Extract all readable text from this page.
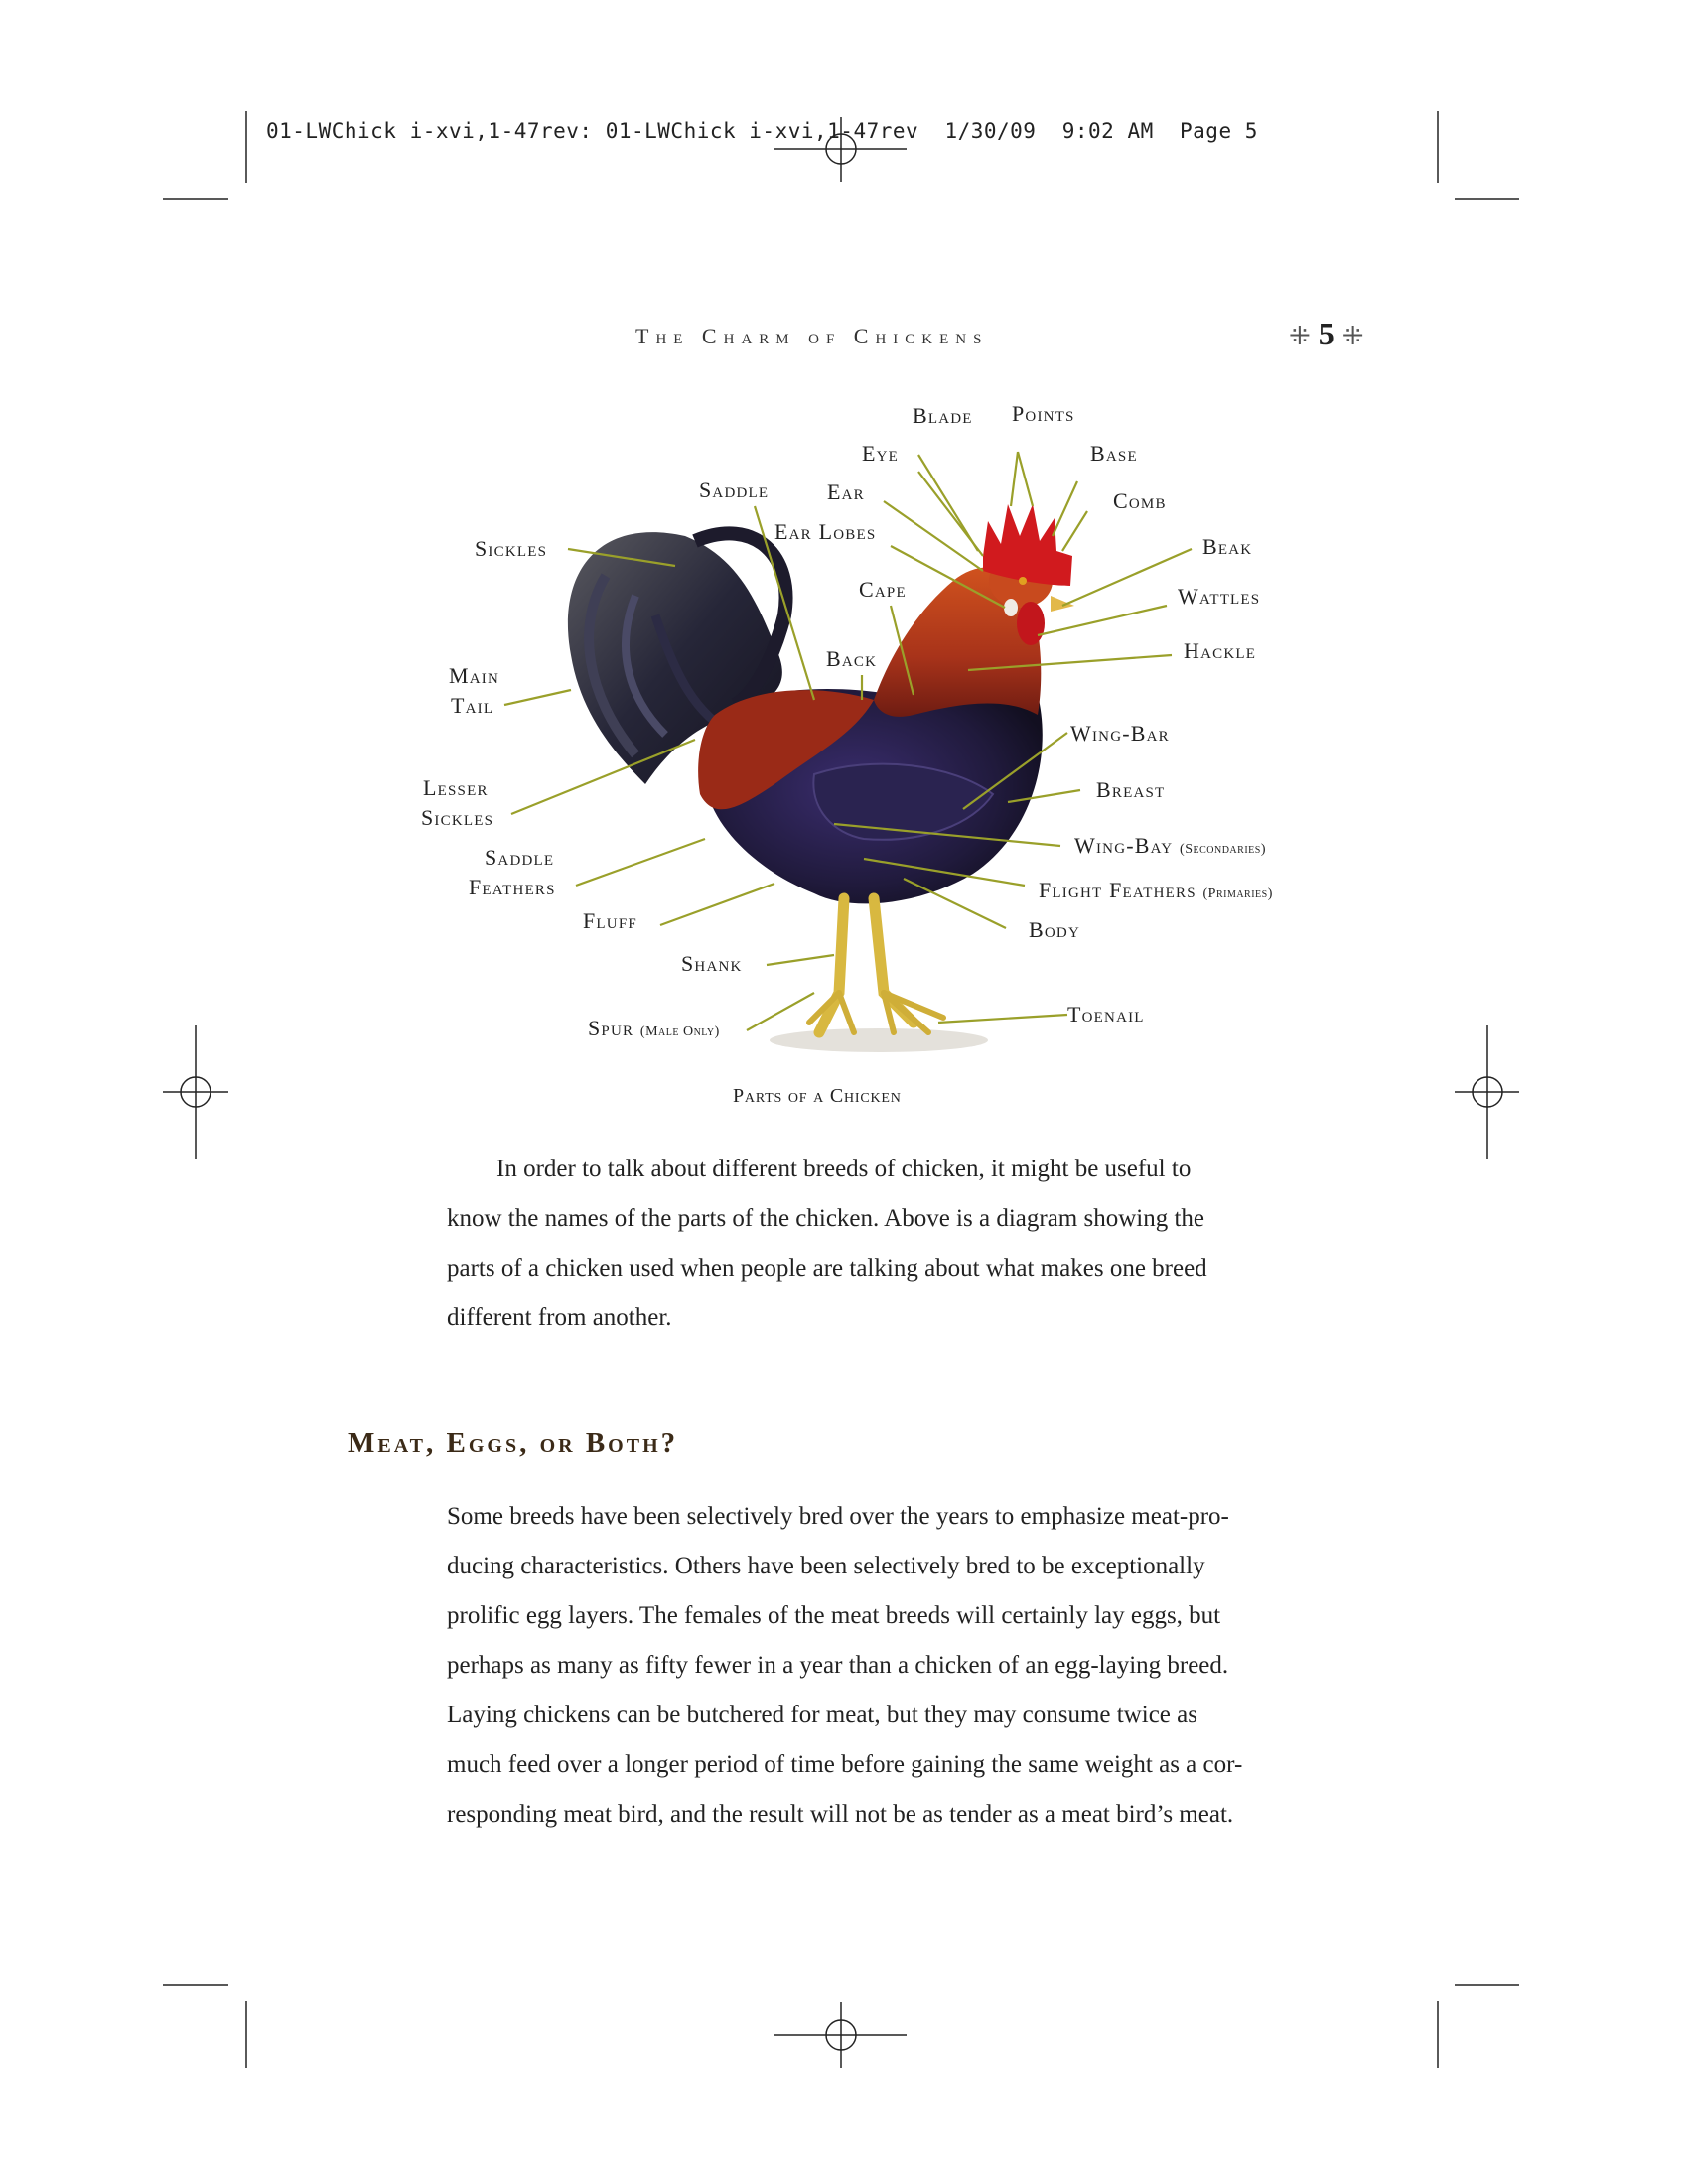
01-LWChick i-xvi,1-47rev: 01-LWChick i-xvi,1-47rev  1/30/09  9:02 AM  Page 5
The Charm of Chickens	⁜ 5 ⁜
Blade Points
Eye	Base
Saddle	Ear	Comb
Ear Lobes
Sickles	Beak
Cape	Wattles
Back	Hackle
Main
Tail
Wing-Bar
Lesser
Sickles
Breast
Wing-Bay (Secondaries)
Saddle
Feathers	Flight Feathers (Primaries)
Fluff	Body
Shank
Spur (Male Only)
Toenail
Parts of a Chicken
In order to talk about different breeds of chicken, it might be useful to
know the names of the parts of the chicken. Above is a diagram showing the
parts of a chicken used when people are talking about what makes one breed
different from another.
Meat, Eggs, or Both?
Some breeds have been selectively bred over the years to emphasize meat-pro-
ducing characteristics. Others have been selectively bred to be exceptionally
prolific egg layers. The females of the meat breeds will certainly lay eggs, but
perhaps as many as fifty fewer in a year than a chicken of an egg-laying breed.
Laying chickens can be butchered for meat, but they may consume twice as
much feed over a longer period of time before gaining the same weight as a cor-
responding meat bird, and the result will not be as tender as a meat bird’s meat.
